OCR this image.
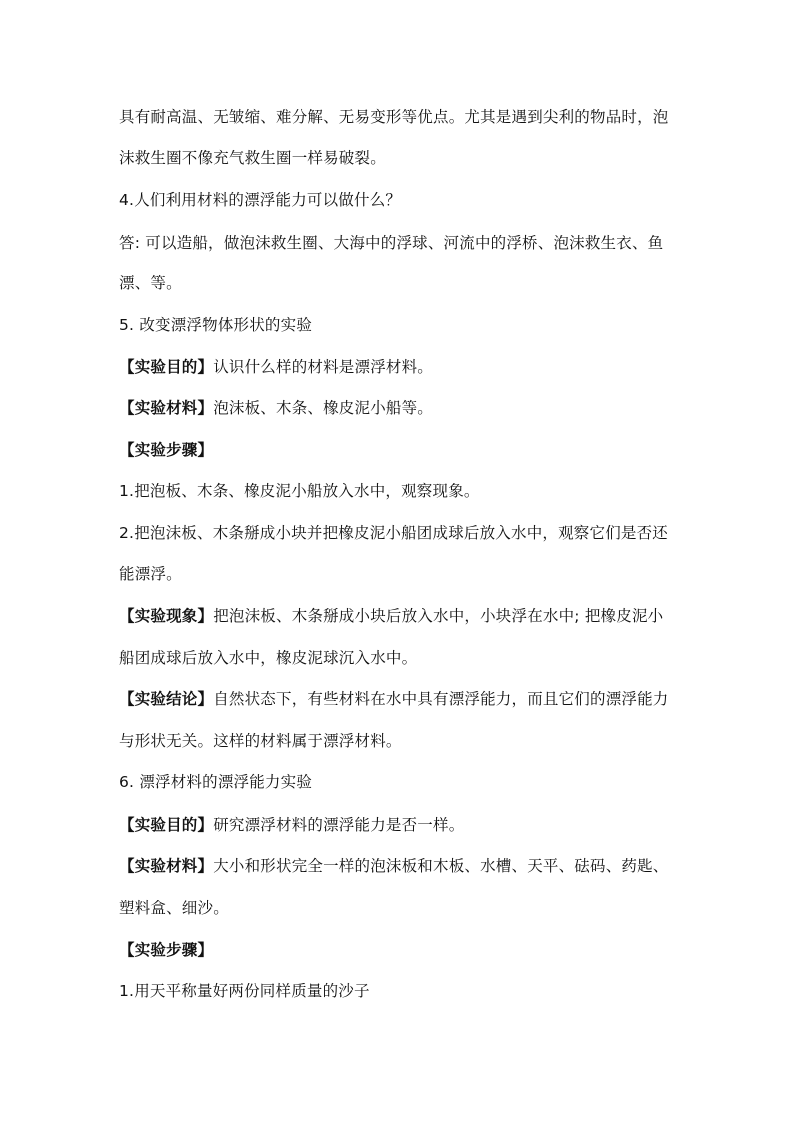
具有耐高温、无皱缩、难分解、无易变形等优点。尤其是遇到尖利的物品时，泡
沫救生圈不像充气救生圈一样易破裂。
4.人们利用材料的漂浮能力可以做什么？
答: 可以造船，做泡沫救生圈、大海中的浮球、河流中的浮桥、泡沫救生衣、鱼
漂、等。
5. 改变漂浮物体形状的实验
【实验目的】认识什么样的材料是漂浮材料。
【实验材料】泡沫板、木条、橡皮泥小船等。
【实验步骤】
1.把泡板、木条、橡皮泥小船放入水中，观察现象。
2.把泡沫板、木条掰成小块并把橡皮泥小船团成球后放入水中，观察它们是否还
能漂浮。
【实验现象】把泡沫板、木条掰成小块后放入水中，小块浮在水中; 把橡皮泥小
船团成球后放入水中，橡皮泥球沉入水中。
【实验结论】自然状态下，有些材料在水中具有漂浮能力，而且它们的漂浮能力
与形状无关。这样的材料属于漂浮材料。
6. 漂浮材料的漂浮能力实验
【实验目的】研究漂浮材料的漂浮能力是否一样。
【实验材料】大小和形状完全一样的泡沫板和木板、水槽、天平、砝码、药匙、
塑料盒、细沙。
【实验步骤】
1.用天平称量好两份同样质量的沙子
